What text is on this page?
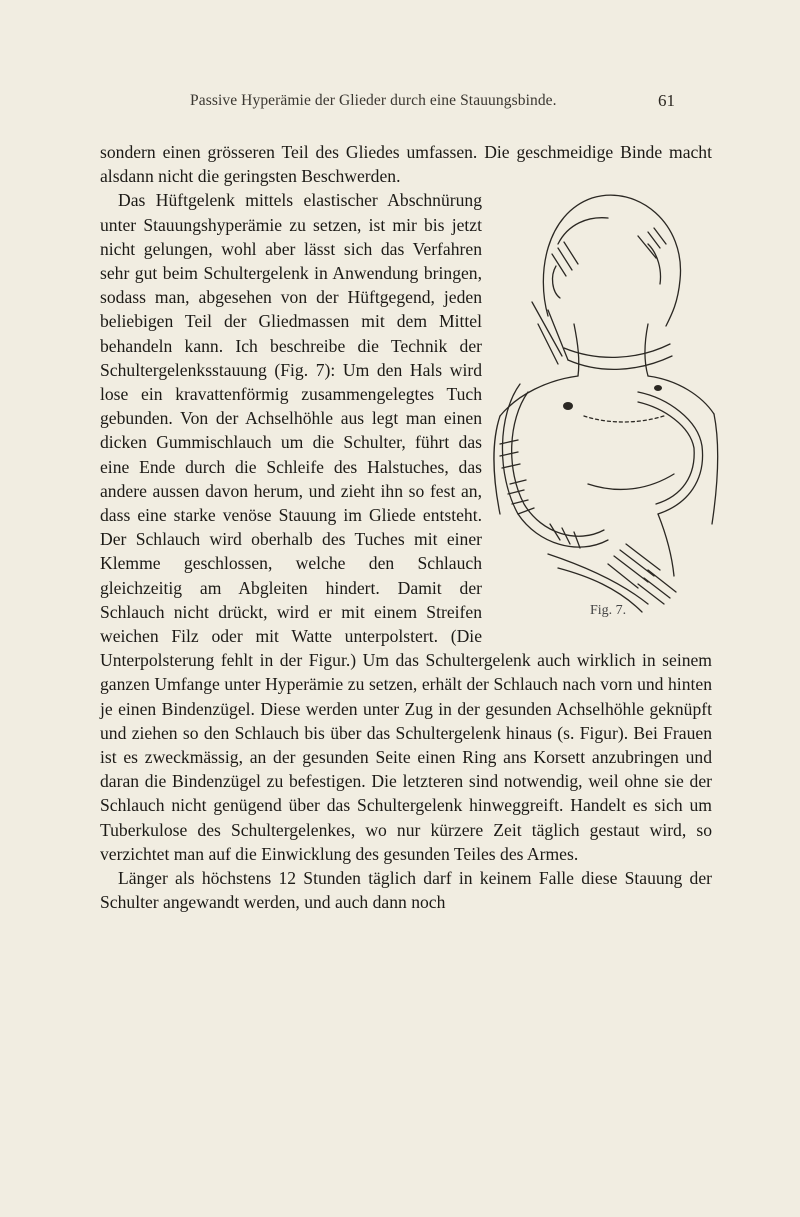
Passive Hyperämie der Glieder durch eine Stauungsbinde.	61

sondern einen grösseren Teil des Gliedes umfassen. Die geschmeidige Binde macht alsdann nicht die geringsten Beschwerden.

Fig. 7.

Das Hüftgelenk mittels elastischer Abschnürung unter Stauungshyperämie zu setzen, ist mir bis jetzt nicht gelungen, wohl aber lässt sich das Verfahren sehr gut beim Schultergelenk in Anwendung bringen, sodass man, abgesehen von der Hüftgegend, jeden beliebigen Teil der Gliedmassen mit dem Mittel behandeln kann. Ich beschreibe die Technik der Schultergelenksstauung (Fig. 7): Um den Hals wird lose ein kravattenförmig zusammengelegtes Tuch gebunden. Von der Achselhöhle aus legt man einen dicken Gummischlauch um die Schulter, führt das eine Ende durch die Schleife des Halstuches, das andere aussen davon herum, und zieht ihn so fest an, dass eine starke venöse Stauung im Gliede entsteht. Der Schlauch wird oberhalb des Tuches mit einer Klemme geschlossen, welche den Schlauch gleichzeitig am Abgleiten hindert. Damit der Schlauch nicht drückt, wird er mit einem Streifen weichen Filz oder mit Watte unterpolstert. (Die Unterpolsterung fehlt in der Figur.) Um das Schultergelenk auch wirklich in seinem ganzen Umfange unter Hyperämie zu setzen, erhält der Schlauch nach vorn und hinten je einen Bindenzügel. Diese werden unter Zug in der gesunden Achselhöhle geknüpft und ziehen so den Schlauch bis über das Schultergelenk hinaus (s. Figur). Bei Frauen ist es zweckmässig, an der gesunden Seite einen Ring ans Korsett anzubringen und daran die Bindenzügel zu befestigen. Die letzteren sind notwendig, weil ohne sie der Schlauch nicht genügend über das Schultergelenk hinweggreift. Handelt es sich um Tuberkulose des Schultergelenkes, wo nur kürzere Zeit täglich gestaut wird, so verzichtet man auf die Einwicklung des gesunden Teiles des Armes.

Länger als höchstens 12 Stunden täglich darf in keinem Falle diese Stauung der Schulter angewandt werden, und auch dann noch
